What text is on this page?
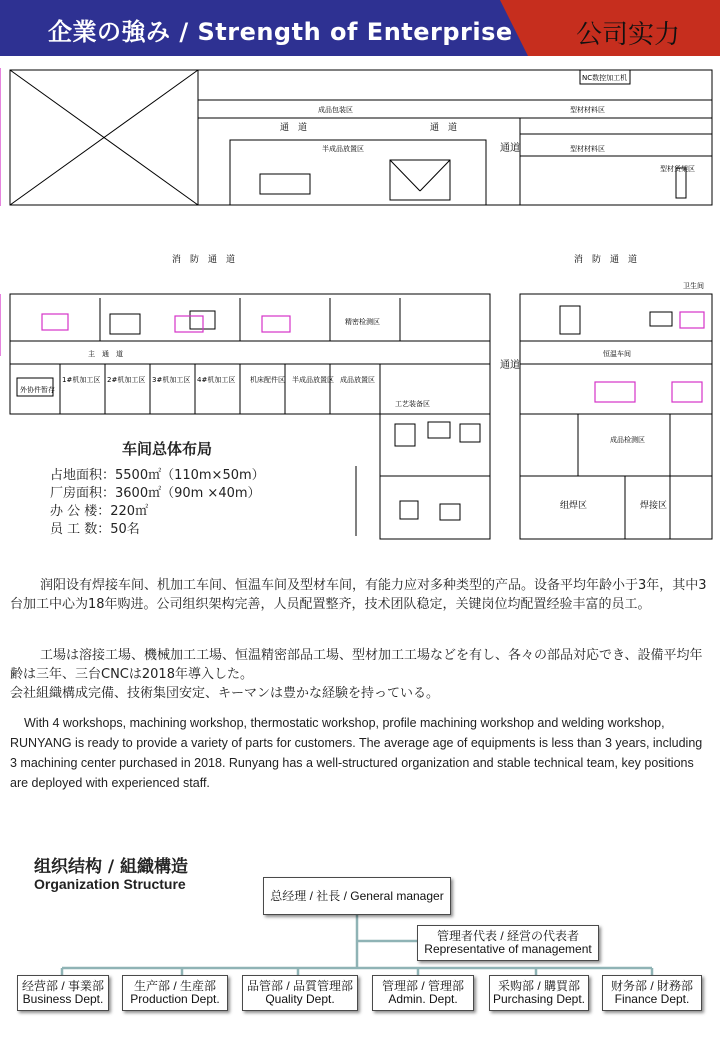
企業の強み / Strength of Enterprise 公司实力
NC数控加工机
成品包装区	型材材料区
通　道	通　道
半成品放置区	型材材料区
型材货架区
通道
消　防　通　道	消　防　通　道
卫生间
主　通　道	恒温车间
通道
精密检测区
外协件暂存
1#机加工区 2#机加工区 3#机加工区 4#机加工区 机床配件区 半成品放置区 成品放置区
工艺装备区
成品检测区
组焊区	焊接区
车间总体布局
占地面积：5500㎡（110m×50m）
厂房面积：3600㎡（90m ×40m）
办 公 楼：220㎡
员 工 数：50名
润阳设有焊接车间、机加工车间、恒温车间及型材车间，有能力应对多种类型的产品。设备平均年龄小于3年，其中3台加工中心为18年购进。公司组织架构完善，人员配置整齐，技术团队稳定，关键岗位均配置经验丰富的员工。
工場は溶接工場、機械加工工場、恒温精密部品工場、型材加工工場などを有し、各々の部品対応でき、設備平均年齢は三年、三台CNCは2018年導入した。
会社組織構成完備、技術集団安定、キーマンは豊かな経験を持っている。
With 4 workshops, machining workshop, thermostatic workshop, profile machining workshop and welding workshop, RUNYANG is ready to provide a variety of parts for customers. The average age of equipments is less than 3 years, including 3 machining center purchased in 2018. Runyang has a well-structured organization and stable technical team, key positions are deployed with experienced staff.
组织结构 / 組織構造
Organization Structure
总经理 / 社長 / General manager
管理者代表 / 経営の代表者
Representative of management
经营部 / 事業部
Business Dept.
生产部 / 生産部
Production Dept.
品管部 / 品質管理部
Quality Dept.
管理部 / 管理部
Admin. Dept.
采购部 / 購買部
Purchasing Dept.
财务部 / 財務部
Finance Dept.
